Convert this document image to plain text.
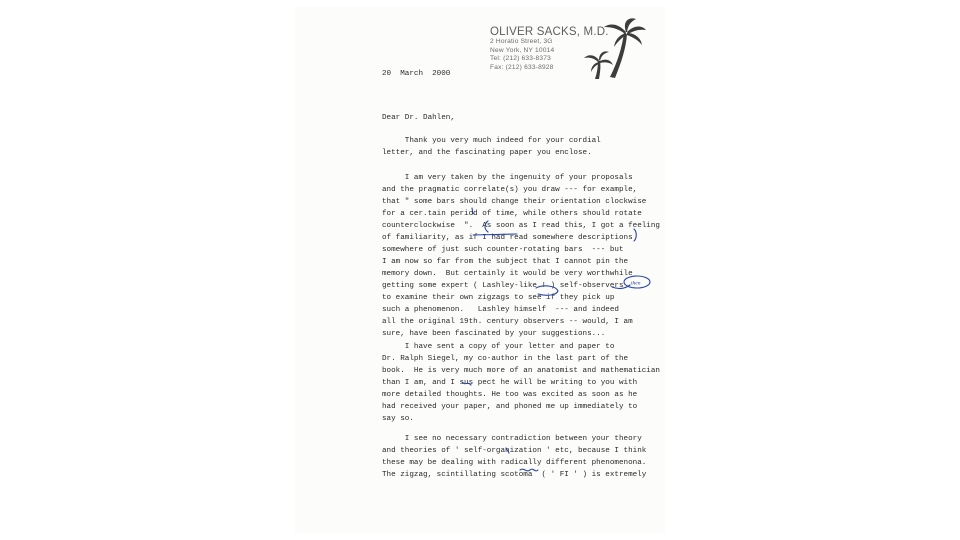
OLIVER SACKS, M.D.
2 Horatio Street, 3G
New York, NY 10014
Tel: (212) 633-8373
Fax: (212) 633-8928
20  March  2000
Dear Dr. Dahlen,
Thank you very much indeed for your cordial
letter, and the fascinating paper you enclose.
I am very taken by the ingenuity of your proposals
and the pragmatic correlate(s) you draw --- for example,
that " some bars should change their orientation clockwise
for a cer.tain period of time, while others should rotate
counterclockwise  ".  As soon as I read this, I got a feeling
of familiarity, as if I had read somewhere descriptions
somewhere of just such counter-rotating bars  --- but
I am now so far from the subject that I cannot pin the
memory down.  But certainly it would be very worthwhile
getting some expert ( Lashley-like ! ) self-observers
to examine their own zigzags to see if they pick up
such a phenomenon.   Lashley himself  --- and indeed
all the original 19th. century observers -- would, I am
sure, have been fascinated by your suggestions...
I have sent a copy of your letter and paper to
Dr. Ralph Siegel, my co-author in the last part of the
book.  He is very much more of an anatomist and mathematician
than I am, and I sus pect he will be writing to you with
more detailed thoughts. He too was excited as soon as he
had received your paper, and phoned me up immediately to
say so.
I see no necessary contradiction between your theory
and theories of ' self-organization ' etc, because I think
these may be dealing with radically different phenomenona.
The zigzag, scintillating scotoma  ( ' FI ' ) is extremely
then
